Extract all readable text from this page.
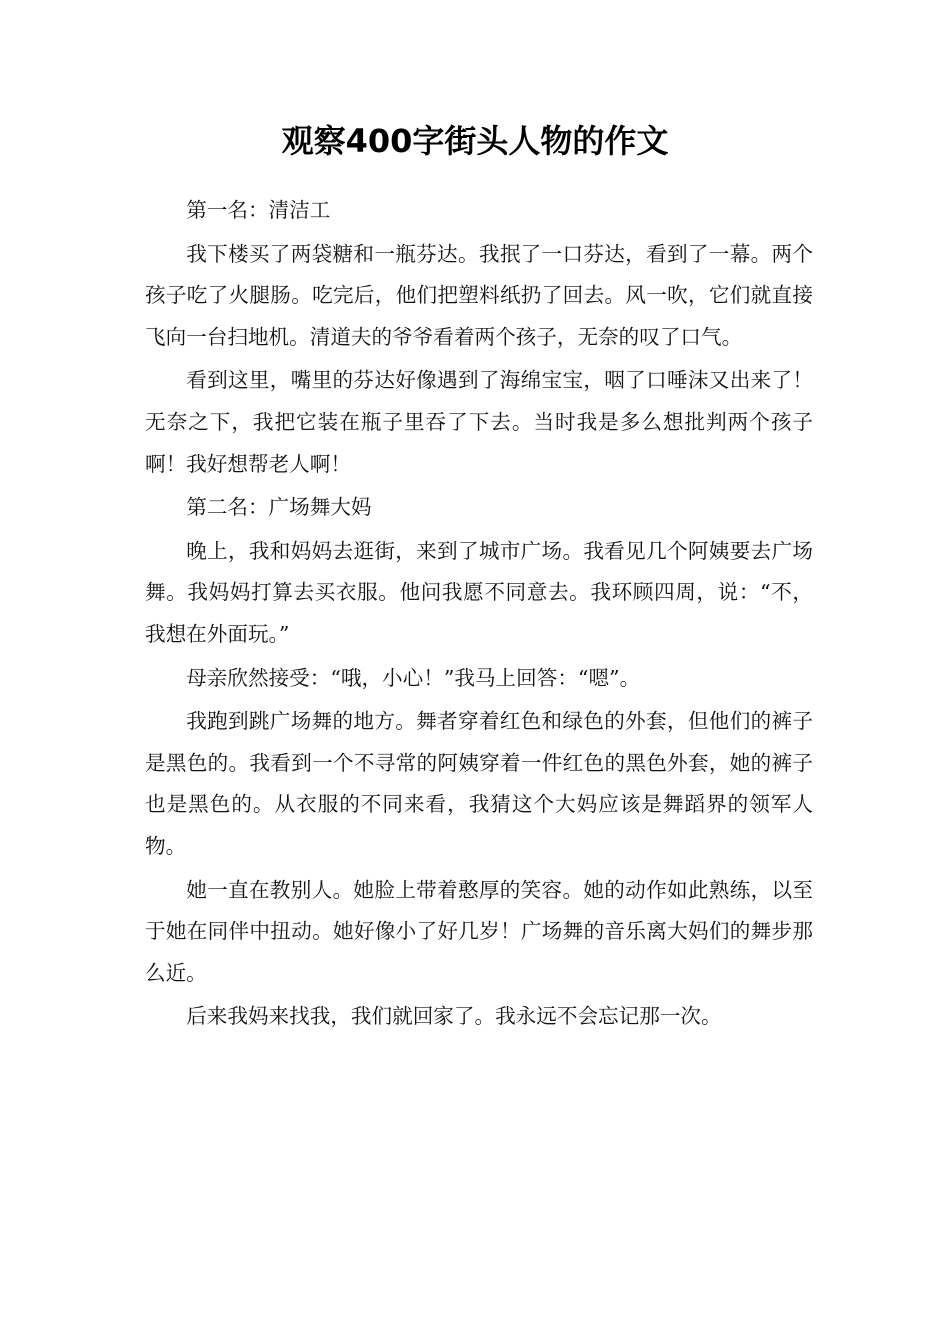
观察400字街头人物的作文

第一名：清洁工

我下楼买了两袋糖和一瓶芬达。我抿了一口芬达，看到了一幕。两个孩子吃了火腿肠。吃完后，他们把塑料纸扔了回去。风一吹，它们就直接飞向一台扫地机。清道夫的爷爷看着两个孩子，无奈的叹了口气。

看到这里，嘴里的芬达好像遇到了海绵宝宝，咽了口唾沫又出来了！无奈之下，我把它装在瓶子里吞了下去。当时我是多么想批判两个孩子啊！我好想帮老人啊！

第二名：广场舞大妈

晚上，我和妈妈去逛街，来到了城市广场。我看见几个阿姨要去广场舞。我妈妈打算去买衣服。他问我愿不同意去。我环顾四周，说：“不，我想在外面玩。”

母亲欣然接受：“哦，小心！”我马上回答：“嗯”。

我跑到跳广场舞的地方。舞者穿着红色和绿色的外套，但他们的裤子是黑色的。我看到一个不寻常的阿姨穿着一件红色的黑色外套，她的裤子也是黑色的。从衣服的不同来看，我猜这个大妈应该是舞蹈界的领军人物。

她一直在教别人。她脸上带着憨厚的笑容。她的动作如此熟练，以至于她在同伴中扭动。她好像小了好几岁！广场舞的音乐离大妈们的舞步那么近。

后来我妈来找我，我们就回家了。我永远不会忘记那一次。
